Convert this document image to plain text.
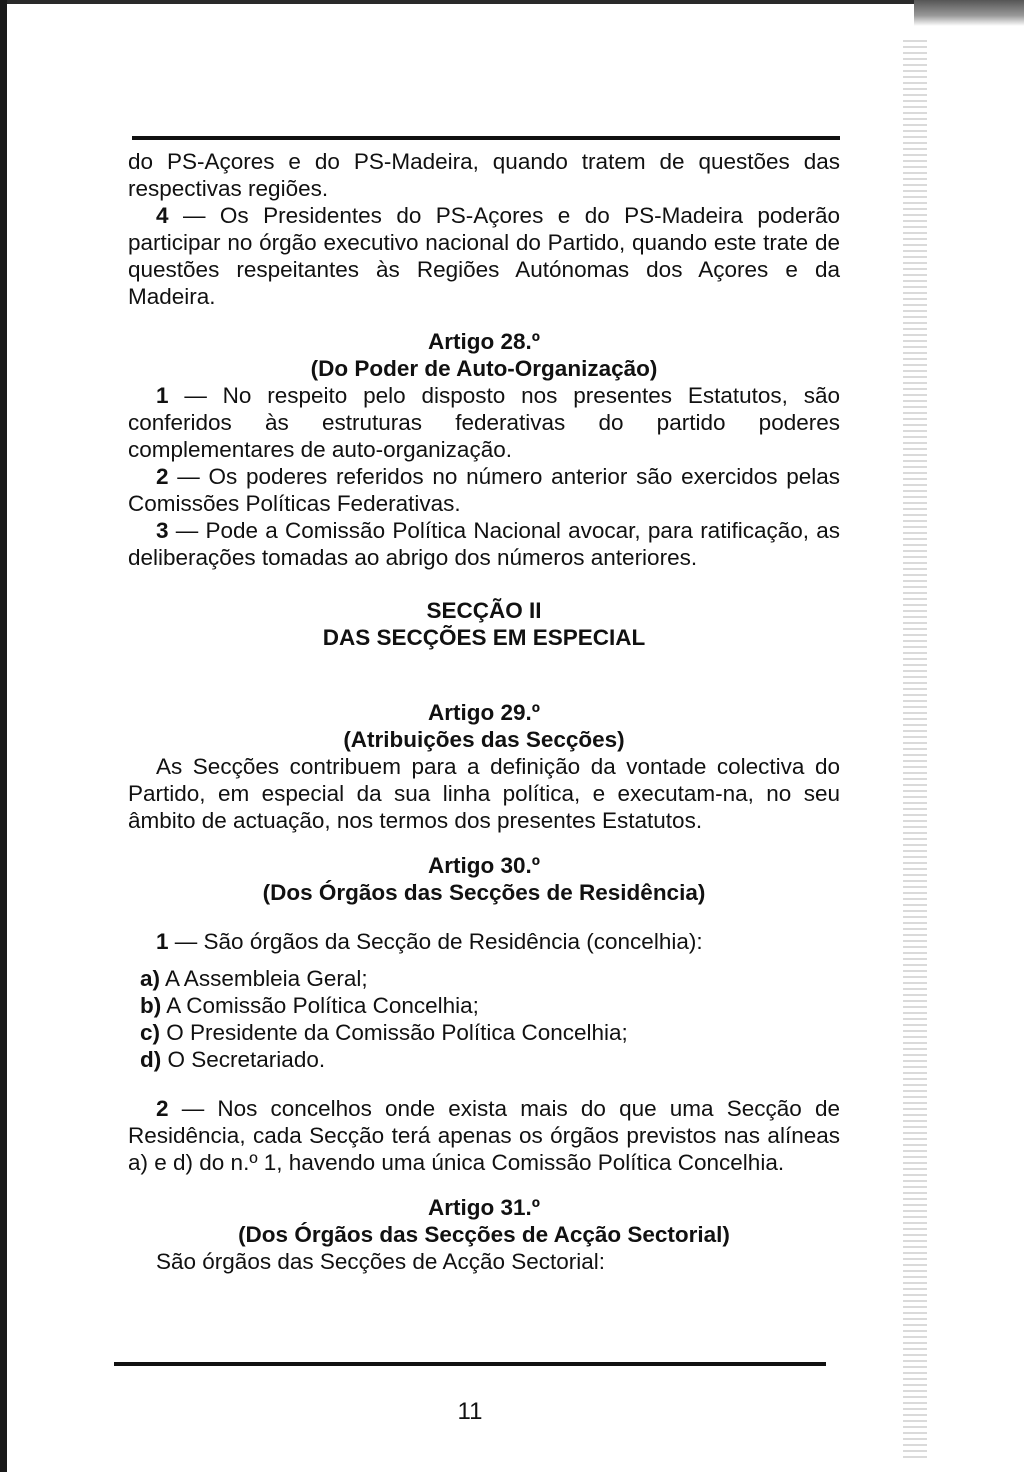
do PS-Açores e do PS-Madeira, quando tratem de questões das respectivas regiões.

4 — Os Presidentes do PS-Açores e do PS-Madeira poderão participar no órgão executivo nacional do Partido, quando este trate de questões respeitantes às Regiões Autónomas dos Açores e da Madeira.

Artigo 28.º
(Do Poder de Auto-Organização)

1 — No respeito pelo disposto nos presentes Estatutos, são conferidos às estruturas federativas do partido poderes complementares de auto-organização.

2 — Os poderes referidos no número anterior são exercidos pelas Comissões Políticas Federativas.

3 — Pode a Comissão Política Nacional avocar, para ratificação, as deliberações tomadas ao abrigo dos números anteriores.

SECÇÃO II
DAS SECÇÕES EM ESPECIAL
Artigo 29.º
(Atribuições das Secções)

As Secções contribuem para a definição da vontade colectiva do Partido, em especial da sua linha política, e executam-na, no seu âmbito de actuação, nos termos dos presentes Estatutos.

Artigo 30.º
(Dos Órgãos das Secções de Residência)

1 — São órgãos da Secção de Residência (concelhia):

a) A Assembleia Geral;

b) A Comissão Política Concelhia;

c) O Presidente da Comissão Política Concelhia;

d) O Secretariado.

2 — Nos concelhos onde exista mais do que uma Secção de Residência, cada Secção terá apenas os órgãos previstos nas alíneas a) e d) do n.º 1, havendo uma única Comissão Política Concelhia.

Artigo 31.º
(Dos Órgãos das Secções de Acção Sectorial)

São órgãos das Secções de Acção Sectorial:

11
